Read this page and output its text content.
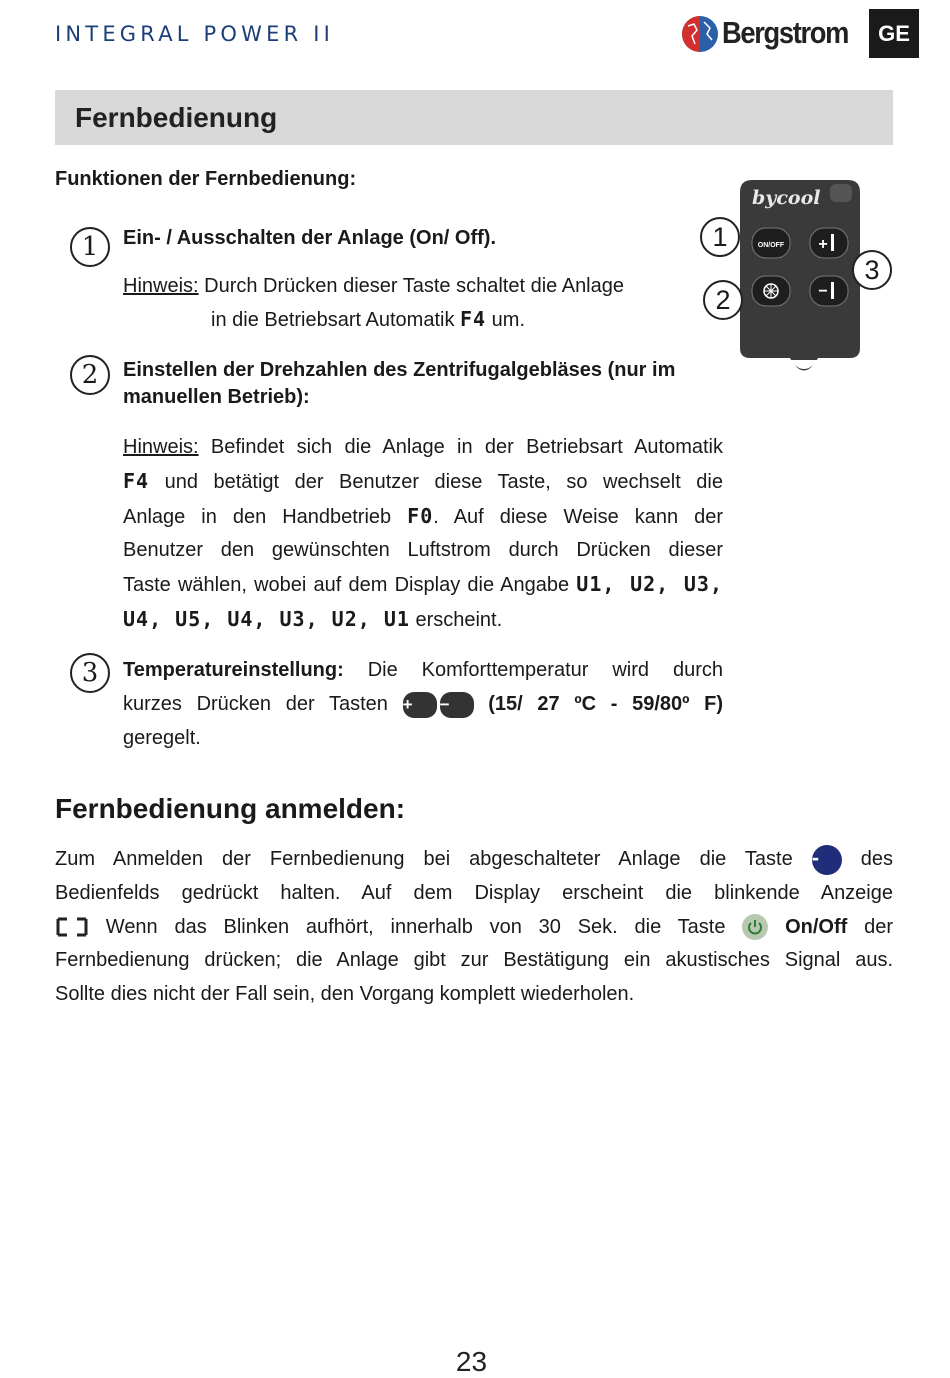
INTEGRAL POWER II	Bergstrom	GE
Fernbedienung
Funktionen der Fernbedienung:
1	Ein- / Ausschalten der Anlage (On/ Off).
Hinweis: Durch Drücken dieser Taste schaltet die Anlage
in die Betriebsart Automatik F4 um.
2	Einstellen der Drehzahlen des Zentrifugalgebläses (nur im
manuellen Betrieb):
Hinweis: Befindet sich die Anlage in der Betriebsart Automatik
F4 und betätigt der Benutzer diese Taste, so wechselt die
Anlage in den Handbetrieb F0. Auf diese Weise kann der
Benutzer den gewünschten Luftstrom durch Drücken dieser
Taste wählen, wobei auf dem Display die Angabe U1, U2, U3,
U4, U5, U4, U3, U2, U1 erscheint.
3	Temperatureinstellung: Die Komforttemperatur wird durch
kurzes Drücken der Tasten + − (15/ 27 ºC - 59/80º F)
geregelt.
bycool
ON/OFF +
−
1
2
3
Fernbedienung anmelden:
Zum Anmelden der Fernbedienung bei abgeschalteter Anlage die Taste - des
Bedienfelds gedrückt halten. Auf dem Display erscheint die blinkende Anzeige
Wenn das Blinken aufhört, innerhalb von 30 Sek. die Taste	On/Off der
Fernbedienung drücken; die Anlage gibt zur Bestätigung ein akustisches Signal aus.
Sollte dies nicht der Fall sein, den Vorgang komplett wiederholen.
23
